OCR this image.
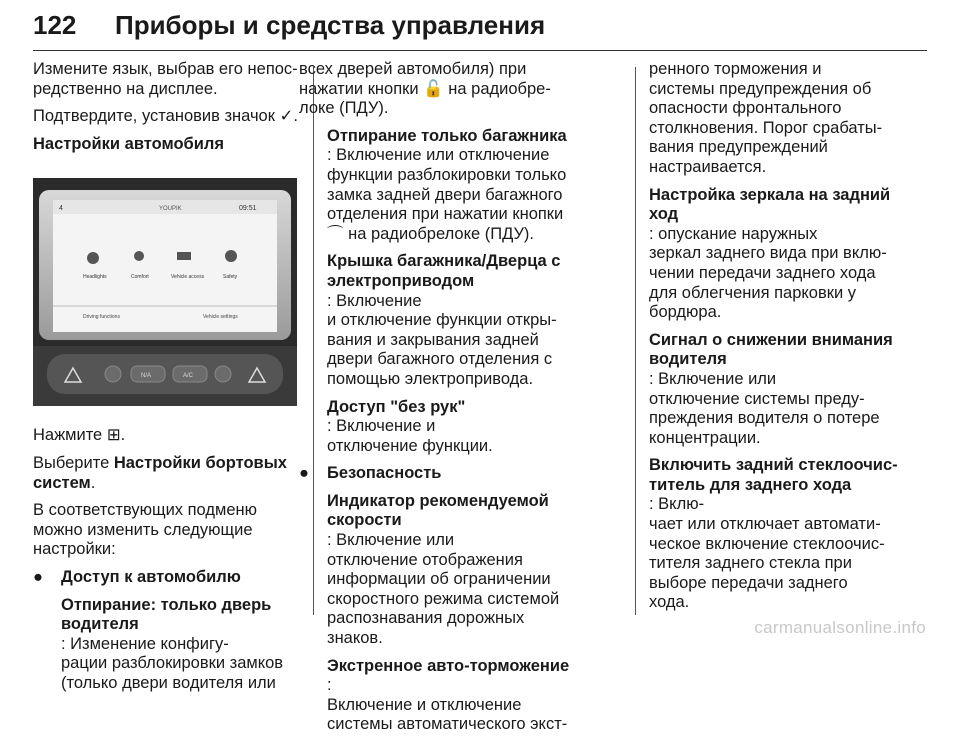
122 Приборы и средства управления

Измените язык, выбрав его непос-
редственно на дисплее.

Подтвердите, установив значок ✓.

Настройки автомобиля

4	YOUPIK	09:51
Headlights	Comfort	Vehicle access	Safety
Driving functions	Vehicle settings
N/A	A/C

Нажмите ⊞.

Выберите Настройки бортовых систем.

В соответствующих подменю
можно изменить следующие
настройки:

● Доступ к автомобилю

Отпирание: только дверь
водителя
: Изменение конфигу-
рации разблокировки замков
(только двери водителя или

всех дверей автомобиля) при
нажатии кнопки 🔓 на радиобре-
локе (ПДУ).

Отпирание только багажника
: Включение или отключение
функции разблокировки только
замка задней двери багажного
отделения при нажатии кнопки
⌒ на радиобрелоке (ПДУ).

Крышка багажника/Дверца с
электроприводом
: Включение
и отключение функции откры-
вания и закрывания задней
двери багажного отделения с
помощью электропривода.

Доступ "без рук"
: Включение и
отключение функции.

● Безопасность

Индикатор рекомендуемой
скорости
: Включение или
отключение отображения
информации об ограничении
скоростного режима системой
распознавания дорожных
знаков.

Экстренное авто-торможение
:
Включение и отключение
системы автоматического экст-

ренного торможения и
системы предупреждения об
опасности фронтального
столкновения. Порог срабаты-
вания предупреждений
настраивается.

Настройка зеркала на задний
ход
: опускание наружных
зеркал заднего вида при вклю-
чении передачи заднего хода
для облегчения парковки у
бордюра.

Сигнал о снижении внимания
водителя
: Включение или
отключение системы преду-
преждения водителя о потере
концентрации.

Включить задний стеклоочис-
титель для заднего хода
: Вклю-
чает или отключает автомати-
ческое включение стеклоочис-
тителя заднего стекла при
выборе передачи заднего
хода.

carmanualsonline.info
